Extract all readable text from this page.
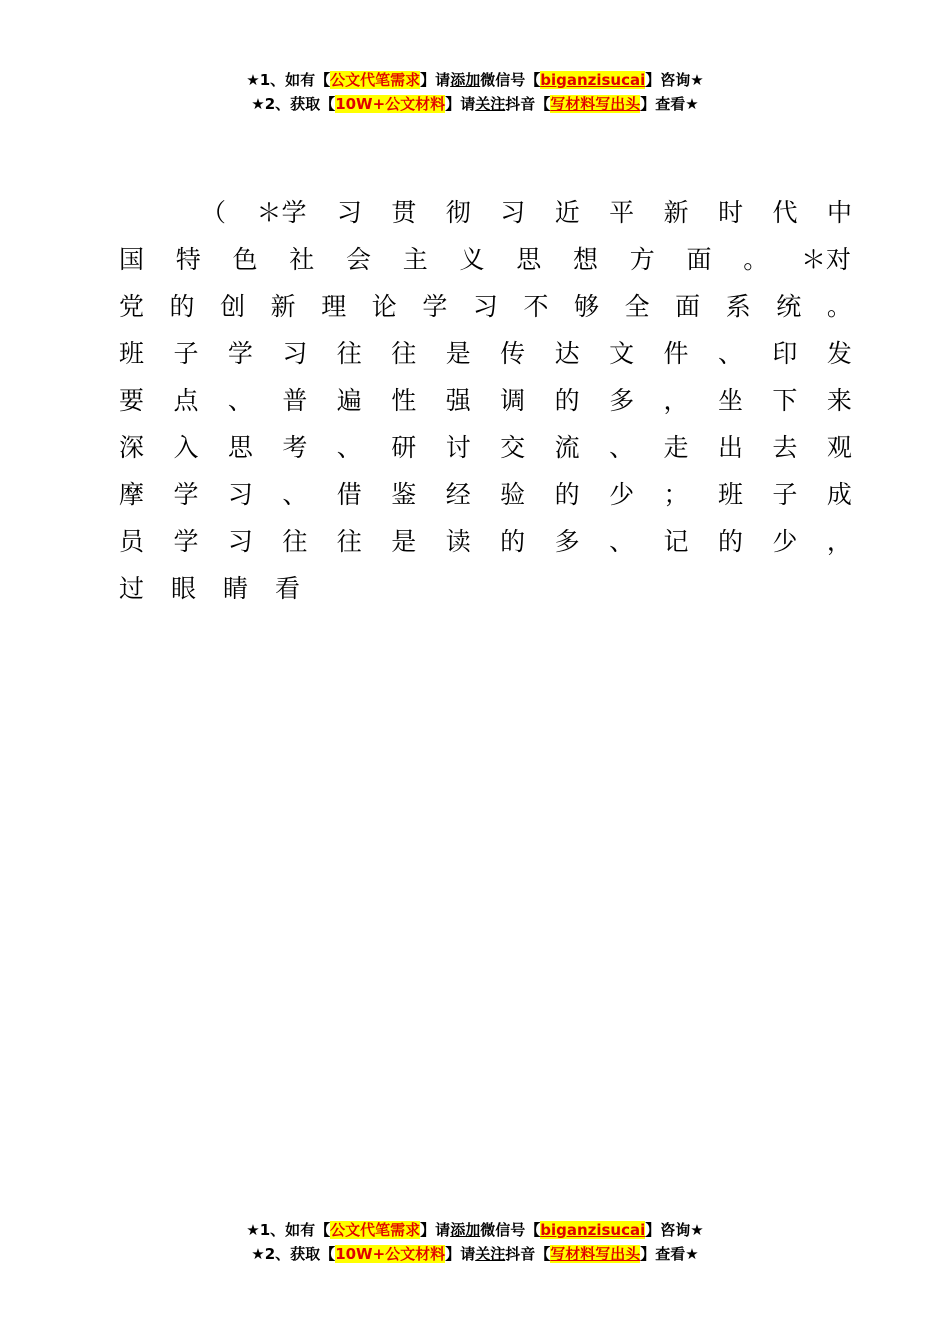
★1、如有【公文代笔需求】请添加微信号【biganzisucai】咨询★
★2、获取【10W+公文材料】请关注抖音【写材料写出头】查看★
（ ＊学 习 贯 彻 习 近 平 新 时 代 中
国 特 色 社 会 主 义 思 想 方 面 。 ＊对
党 的 创 新 理 论 学 习 不 够 全 面 系 统 。
班 子 学 习 往 往 是 传 达 文 件 、 印 发
要 点 、 普 遍 性 强 调 的 多 ， 坐 下 来
深 入 思 考 、 研 讨 交 流 、 走 出 去 观
摩 学 习 、 借 鉴 经 验 的 少 ； 班 子 成
员 学 习 往 往 是 读 的 多 、 记 的 少 ，
过 眼 睛 看
★1、如有【公文代笔需求】请添加微信号【biganzisucai】咨询★
★2、获取【10W+公文材料】请关注抖音【写材料写出头】查看★
